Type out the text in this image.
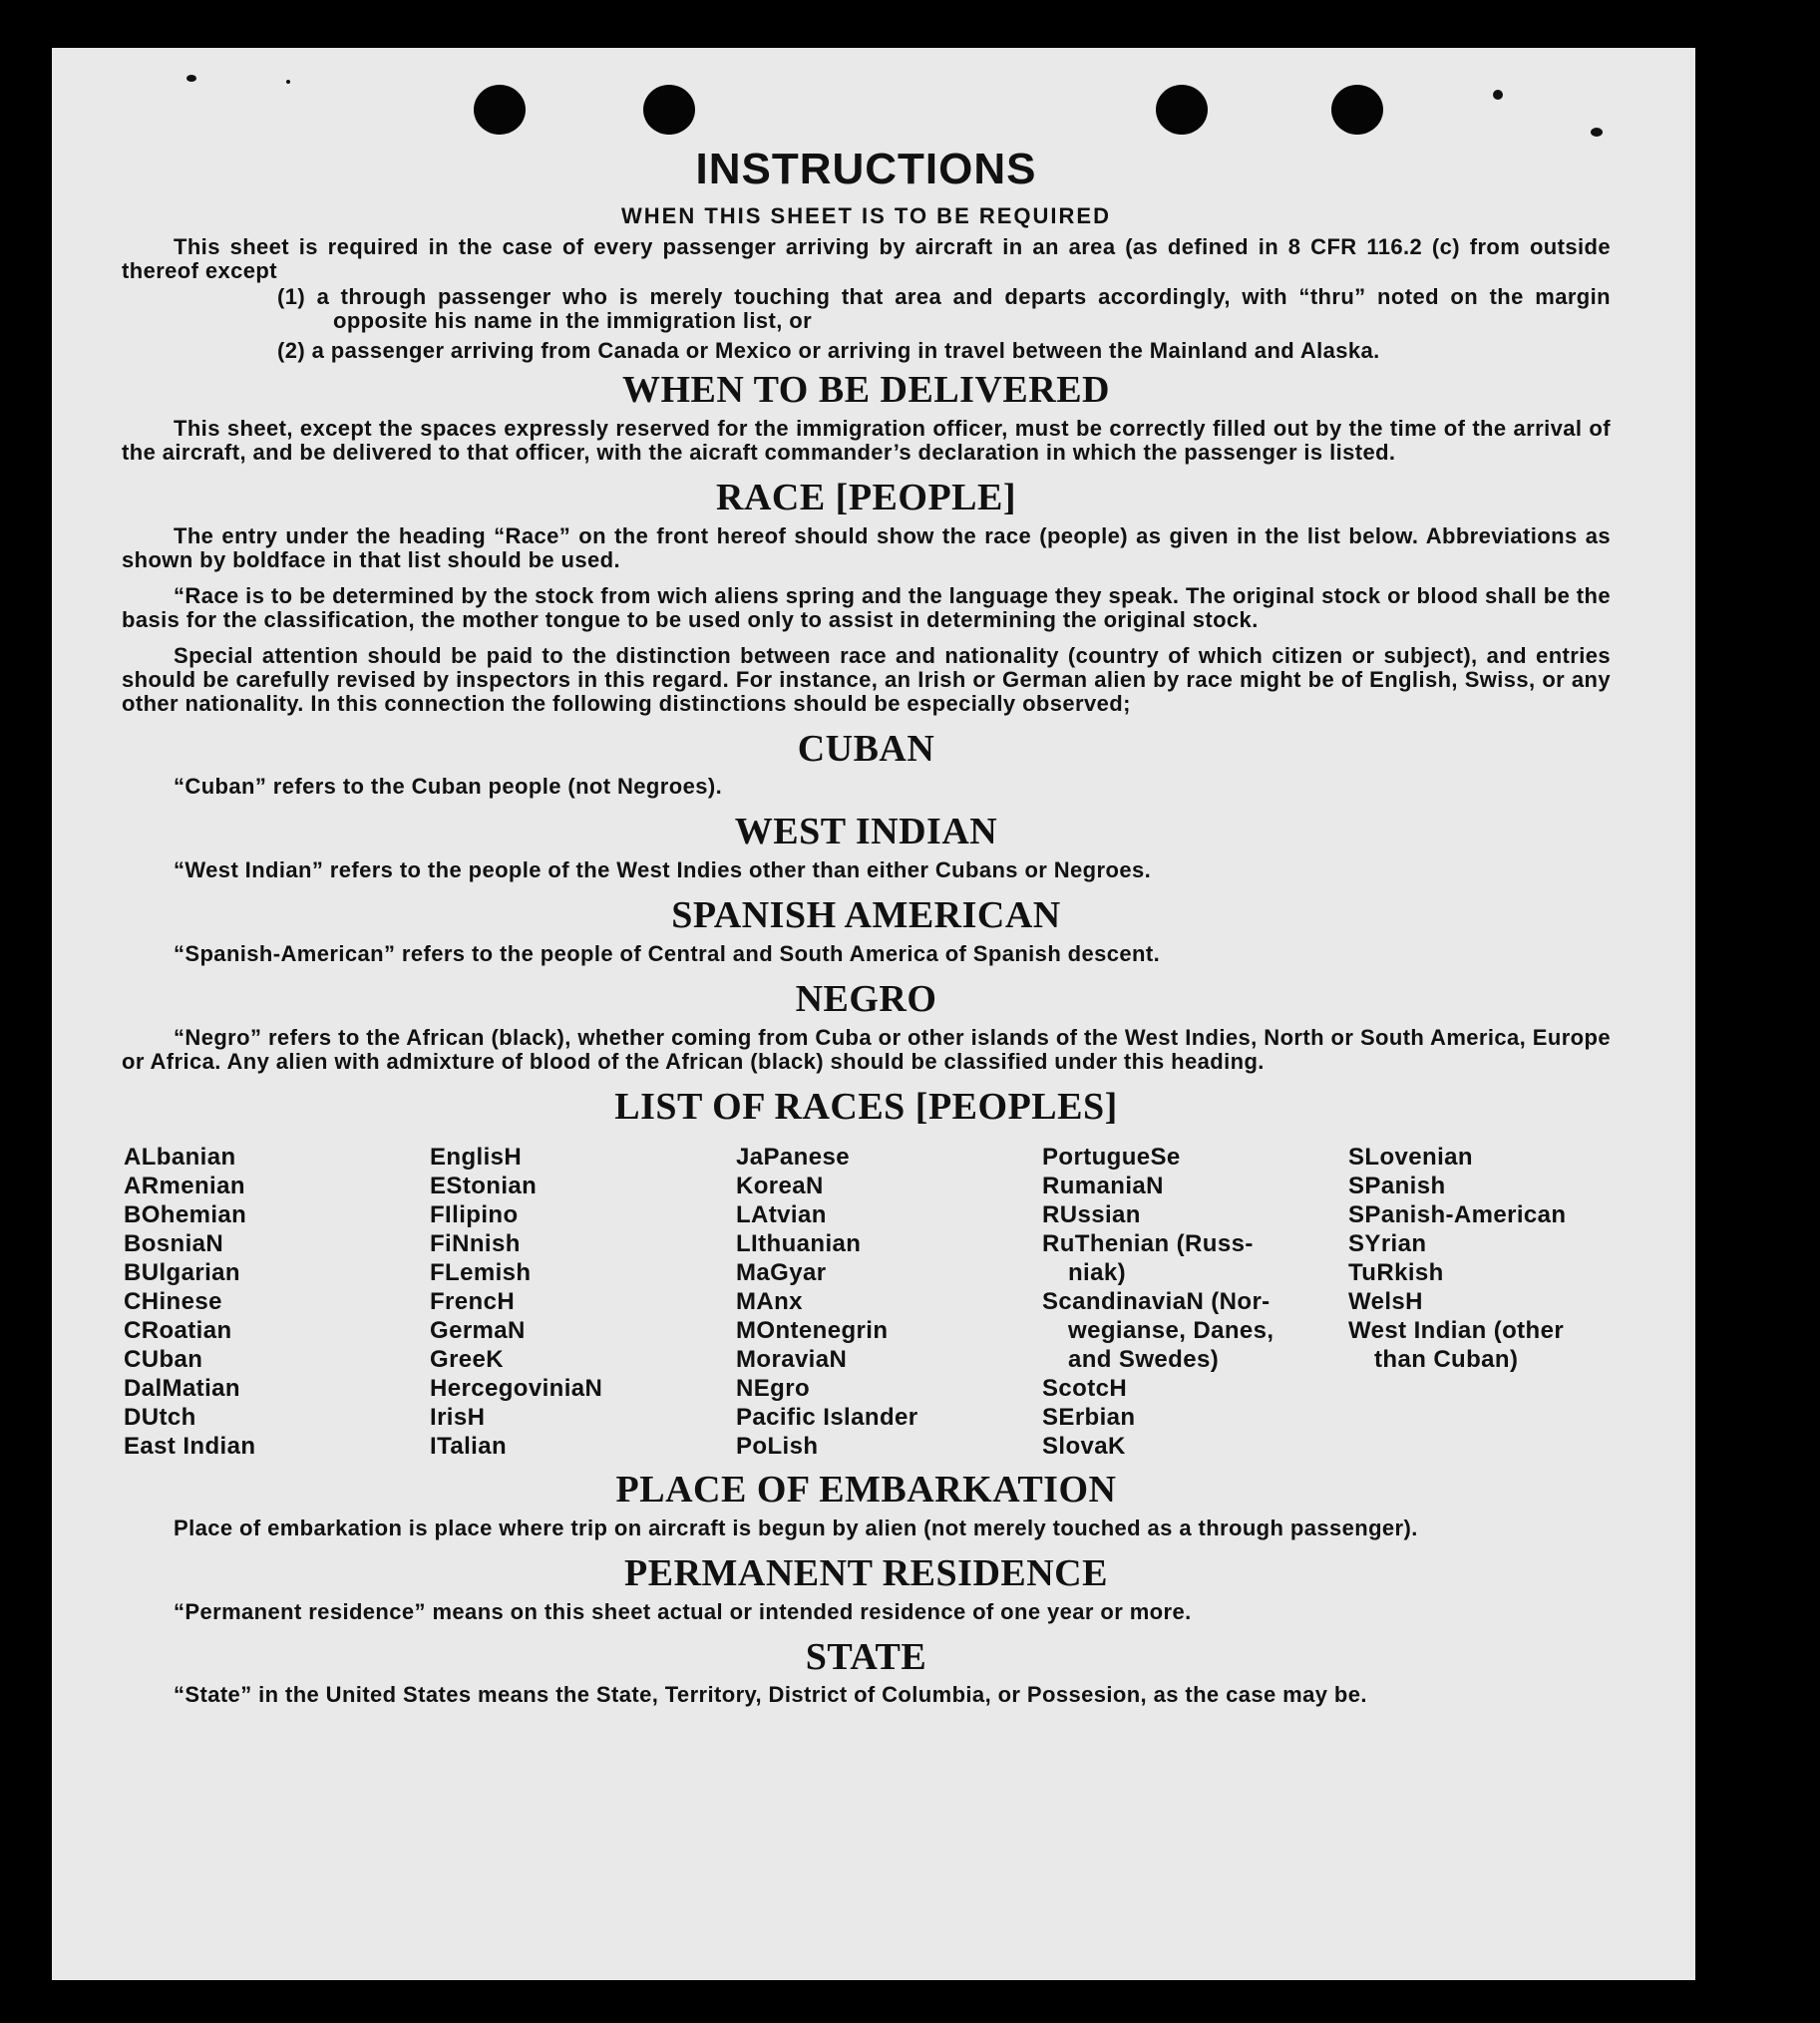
INSTRUCTIONS
WHEN THIS SHEET IS TO BE REQUIRED

This sheet is required in the case of every passenger arriving by aircraft in an area (as defined in 8 CFR 116.2 (c) from outside thereof except

(1) a through passenger who is merely touching that area and departs accordingly, with “thru” noted on the margin opposite his name in the immigration list, or
(2) a passenger arriving from Canada or Mexico or arriving in travel between the Mainland and Alaska.
WHEN TO BE DELIVERED

This sheet, except the spaces expressly reserved for the immigration officer, must be correctly filled out by the time of the arrival of the aircraft, and be delivered to that officer, with the aicraft commander’s declaration in which the passenger is listed.

RACE [PEOPLE]

The entry under the heading “Race” on the front hereof should show the race (people) as given in the list below. Abbreviations as shown by boldface in that list should be used.

“Race is to be determined by the stock from wich aliens spring and the language they speak. The original stock or blood shall be the basis for the classification, the mother tongue to be used only to assist in determining the original stock.

Special attention should be paid to the distinction between race and nationality (country of which citizen or subject), and entries should be carefully revised by inspectors in this regard. For instance, an Irish or German alien by race might be of English, Swiss, or any other nationality. In this connection the following distinctions should be especially observed;

CUBAN

“Cuban” refers to the Cuban people (not Negroes).

WEST INDIAN

“West Indian” refers to the people of the West Indies other than either Cubans or Negroes.

SPANISH AMERICAN

“Spanish-American” refers to the people of Central and South America of Spanish descent.

NEGRO

“Negro” refers to the African (black), whether coming from Cuba or other islands of the West Indies, North or South America, Europe or Africa. Any alien with admixture of blood of the African (black) should be classified under this heading.

LIST OF RACES [PEOPLES]
ALbanian
ARmenian
BOhemian
BosniaN
BUlgarian
CHinese
CRoatian
CUban
DalMatian
DUtch
East Indian
EnglisH
EStonian
FIlipino
FiNnish
FLemish
FrencH
GermaN
GreeK
HercegoviniaN
IrisH
ITalian
JaPanese
KoreaN
LAtvian
LIthuanian
MaGyar
MAnx
MOntenegrin
MoraviaN
NEgro
Pacific Islander
PoLish
PortugueSe
RumaniaN
RUssian
RuThenian (Russ-
niak)
ScandinaviaN (Nor-
wegianse, Danes,
and Swedes)
ScotcH
SErbian
SlovaK
SLovenian
SPanish
SPanish-American
SYrian
TuRkish
WelsH
West Indian (other
than Cuban)
PLACE OF EMBARKATION

Place of embarkation is place where trip on aircraft is begun by alien (not merely touched as a through passenger).

PERMANENT RESIDENCE

“Permanent residence” means on this sheet actual or intended residence of one year or more.

STATE

“State” in the United States means the State, Territory, District of Columbia, or Possesion, as the case may be.
